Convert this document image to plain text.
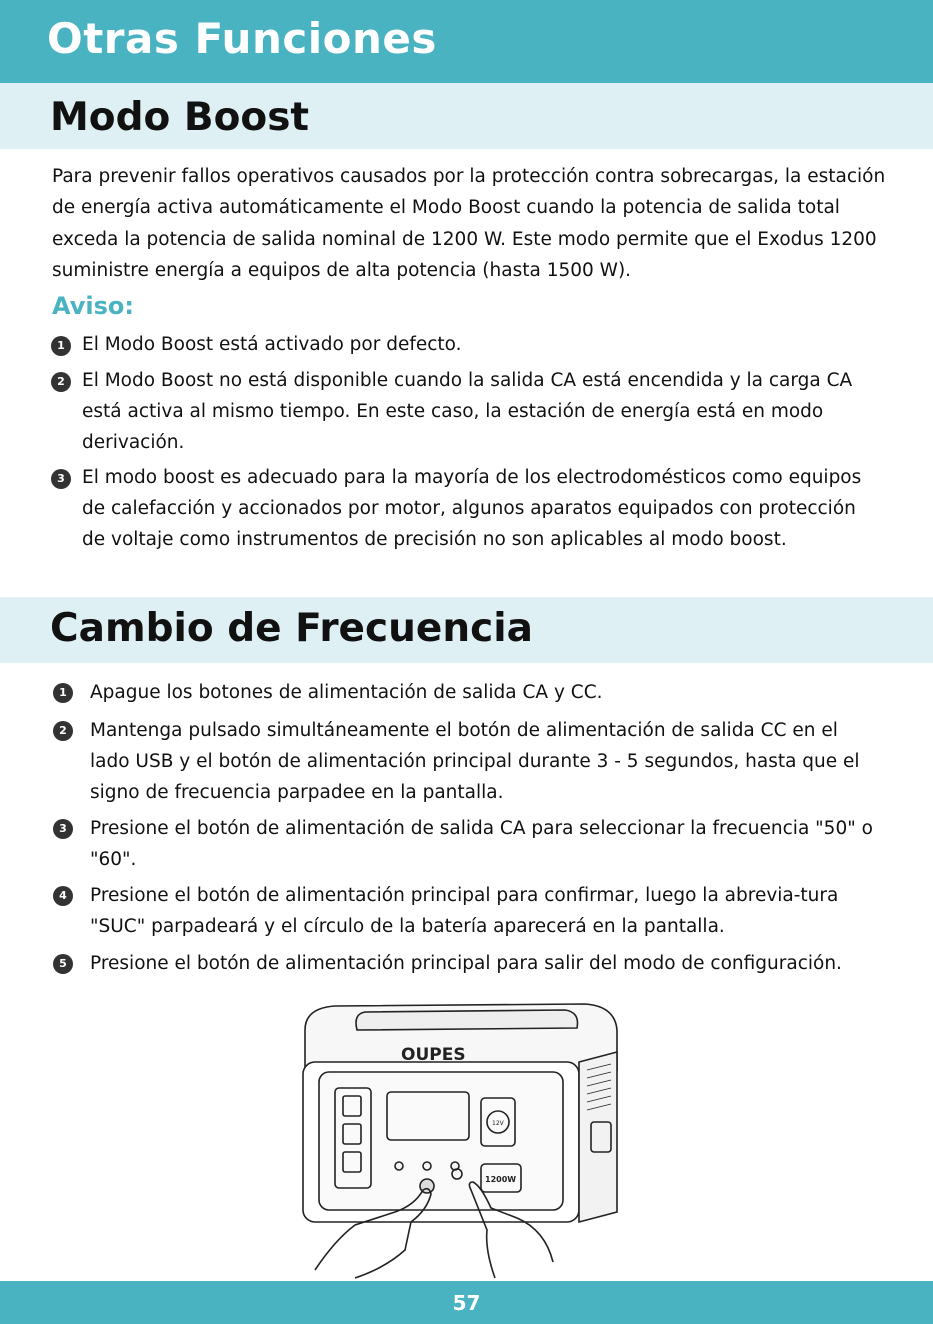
Otras Funciones
Modo Boost

Para prevenir fallos operativos causados por la protección contra sobrecargas, la estación de energía activa automáticamente el Modo Boost cuando la potencia de salida total exceda la potencia de salida nominal de 1200 W. Este modo permite que el Exodus 1200 suministre energía a equipos de alta potencia (hasta 1500 W).

Aviso:

1 El Modo Boost está activado por defecto.
2 El Modo Boost no está disponible cuando la salida CA está encendida y la carga CA está activa al mismo tiempo. En este caso, la estación de energía está en modo derivación.
3 El modo boost es adecuado para la mayoría de los electrodomésticos como equipos de calefacción y accionados por motor, algunos aparatos equipados con protección de voltaje como instrumentos de precisión no son aplicables al modo boost.
Cambio de Frecuencia
1	Apague los botones de alimentación de salida CA y CC.
2	Mantenga pulsado simultáneamente el botón de alimentación de salida CC en el lado USB y el botón de alimentación principal durante 3 - 5 segundos, hasta que el signo de frecuencia parpadee en la pantalla.
3	Presione el botón de alimentación de salida CA para seleccionar la frecuencia "50" o "60".
4	Presione el botón de alimentación principal para confirmar, luego la abrevia-tura "SUC" parpadeará y el círculo de la batería aparecerá en la pantalla.
5	Presione el botón de alimentación principal para salir del modo de configuración.
OUPES
1200W
12V
57
